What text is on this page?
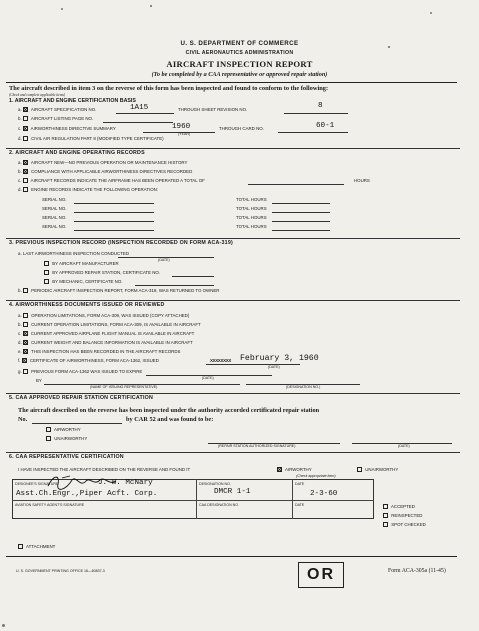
U. S. DEPARTMENT OF COMMERCE
CIVIL AERONAUTICS ADMINISTRATION
AIRCRAFT INSPECTION REPORT
(To be completed by a CAA representative or approved repair station)
The aircraft described in item 3 on the reverse of this form has been inspected and found to conform to the following:
(Check and complete applicable items)
1. AIRCRAFT AND ENGINE CERTIFICATION BASIS
a. × AIRCRAFT SPECIFICATION NO.	1A15	THROUGH SHEET REVISION NO.	8
b. AIRCRAFT LISTING PAGE NO.
c. × AIRWORTHINESS DIRECTIVE SUMMARY	1960
(YEAR)
THROUGH CARD NO.	60-1
d. CIVIL AIR REGULATION PART 8 (MODIFIED TYPE CERTIFICATE)
2. AIRCRAFT AND ENGINE OPERATING RECORDS
a. × AIRCRAFT NEW—NO PREVIOUS OPERATION OR MAINTENANCE HISTORY
b. × COMPLIANCE WITH APPLICABLE AIRWORTHINESS DIRECTIVES RECORDED
c. AIRCRAFT RECORDS INDICATE THE AIRFRAME HAS BEEN OPERATED A TOTAL OF	HOURS
d. ENGINE RECORDS INDICATE THE FOLLOWING OPERATION:
SERIAL NO.	TOTAL HOURS
SERIAL NO.	TOTAL HOURS
SERIAL NO.	TOTAL HOURS
SERIAL NO.	TOTAL HOURS
3. PREVIOUS INSPECTION RECORD (INSPECTION RECORDED ON FORM ACA-319)
a. LAST AIRWORTHINESS INSPECTION CONDUCTED
(DATE)
BY AIRCRAFT MANUFACTURER
BY APPROVED REPAIR STATION, CERTIFICATE NO.
BY MECHANIC, CERTIFICATE NO.
b. PERIODIC AIRCRAFT INSPECTION REPORT, FORM ACA-319, WAS RETURNED TO OWNER
4. AIRWORTHINESS DOCUMENTS ISSUED OR REVIEWED
a. OPERATION LIMITATIONS, FORM ACA-309, WAS ISSUED (COPY ATTACHED)
b. CURRENT OPERATION LIMITATIONS, FORM ACA-309, IS AVAILABLE IN AIRCRAFT
c. × CURRENT APPROVED AIRPLANE FLIGHT MANUAL IS AVAILABLE IN AIRCRAFT
d. × CURRENT WEIGHT AND BALANCE INFORMATION IS AVAILABLE IN AIRCRAFT
e. × THIS INSPECTION HAS BEEN RECORDED IN THE AIRCRAFT RECORDS
f. × CERTIFICATE OF AIRWORTHINESS, FORM ACA-1362, ISSUED	XXXXXXXX February 3, 1960
(DATE)
g. PREVIOUS FORM ACA-1362 WAS ISSUED TO EXPIRE
(DATE)
BY
(NAME OF ISSUING REPRESENTATIVE)	(DESIGNATION NO.)
5. CAA APPROVED REPAIR STATION CERTIFICATION
The aircraft described on the reverse has been inspected under the authority accorded certificated repair station
No.	by CAR 52 and was found to be:
AIRWORTHY
UNAIRWORTHY
(REPAIR STATION AUTHORIZED SIGNATURE)	(DATE)
6. CAA REPRESENTATIVE CERTIFICATION
I HAVE INSPECTED THE AIRCRAFT DESCRIBED ON THE REVERSE AND FOUND IT ×	AIRWORTHY	UNAIRWORTHY
(Check appropriate item)
DESIGNEE'S SIGNATURE	J. W. McNary
Asst.Ch.Engr.,Piper Acft. Corp.
DESIGNATION NO.
DMCR 1-1
DATE
2-3-60
AVIATION SAFETY AGENT'S SIGNATURE	CAA DESIGNATION NO.	DATE	ACCEPTED
REINSPECTED
SPOT CHECKED
ATTACHMENT
U. S. GOVERNMENT PRINTING OFFICE 16—60837-3	OR	Form ACA-305a (11-45)
